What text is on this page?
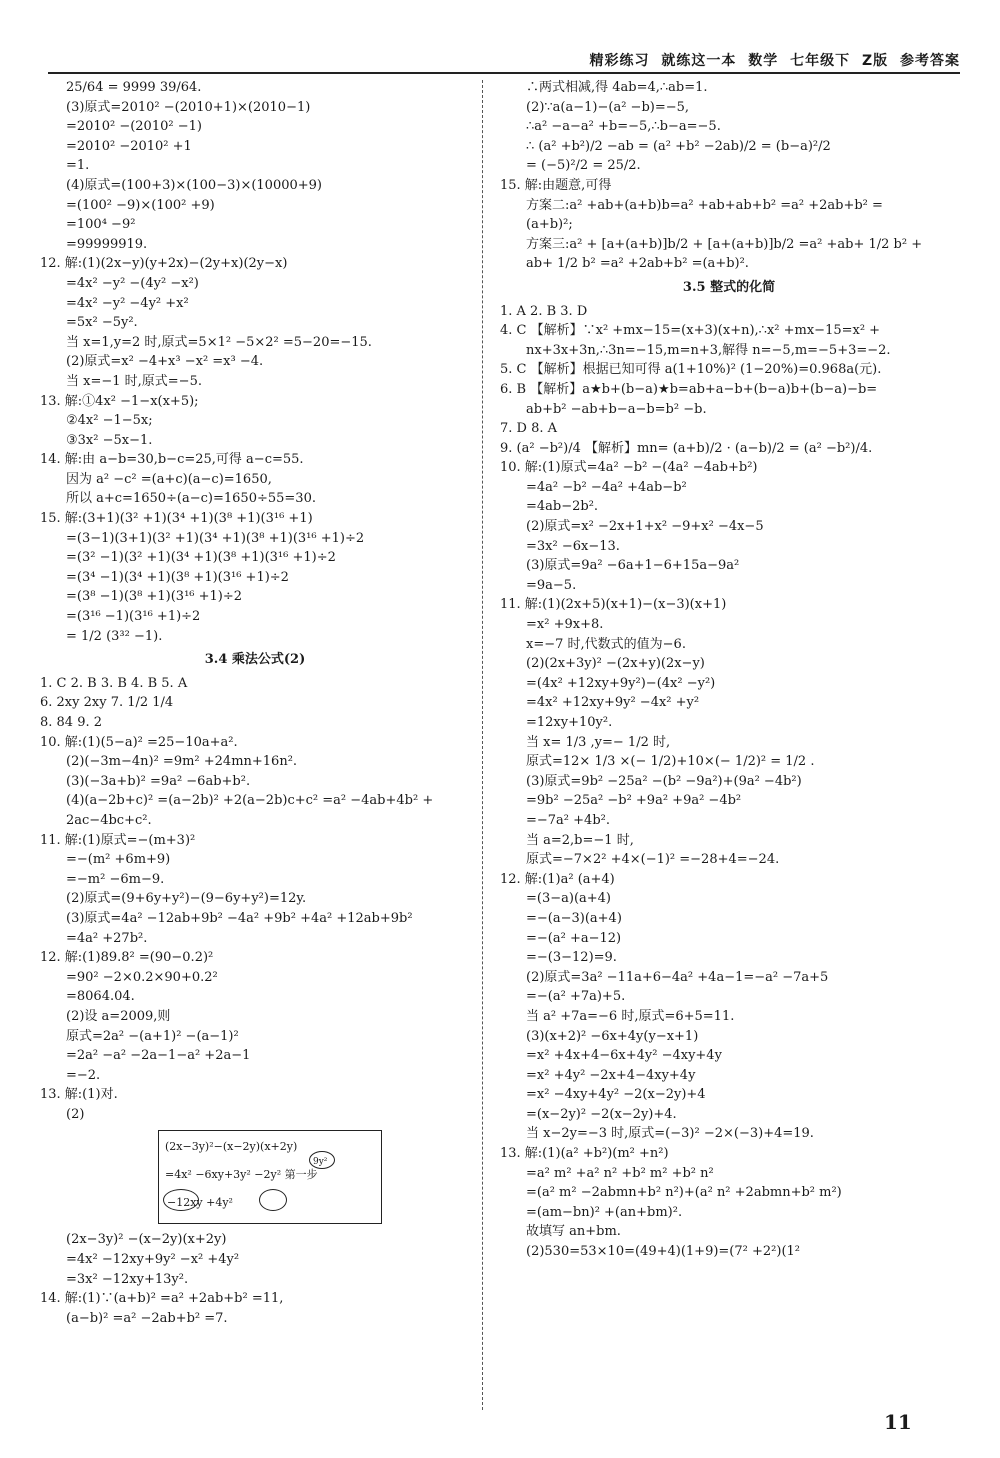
精彩练习 就练这一本 数学 七年级下 Z版 参考答案
25/64 = 9999 39/64.
(3)原式=2010² −(2010+1)×(2010−1)
=2010² −(2010² −1)
=2010² −2010² +1
=1.
(4)原式=(100+3)×(100−3)×(10000+9)
=(100² −9)×(100² +9)
=100⁴ −9²
=99999919.
12. 解:(1)(2x−y)(y+2x)−(2y+x)(2y−x)
=4x² −y² −(4y² −x²)
=4x² −y² −4y² +x²
=5x² −5y².
当 x=1,y=2 时,原式=5×1² −5×2² =5−20=−15.
(2)原式=x² −4+x³ −x² =x³ −4.
当 x=−1 时,原式=−5.
13. 解:①4x² −1−x(x+5);
②4x² −1−5x;
③3x² −5x−1.
14. 解:由 a−b=30,b−c=25,可得 a−c=55.
因为 a² −c² =(a+c)(a−c)=1650,
所以 a+c=1650÷(a−c)=1650÷55=30.
15. 解:(3+1)(3² +1)(3⁴ +1)(3⁸ +1)(3¹⁶ +1)
=(3−1)(3+1)(3² +1)(3⁴ +1)(3⁸ +1)(3¹⁶ +1)÷2
=(3² −1)(3² +1)(3⁴ +1)(3⁸ +1)(3¹⁶ +1)÷2
=(3⁴ −1)(3⁴ +1)(3⁸ +1)(3¹⁶ +1)÷2
=(3⁸ −1)(3⁸ +1)(3¹⁶ +1)÷2
=(3¹⁶ −1)(3¹⁶ +1)÷2
= 1/2 (3³² −1).
3.4 乘法公式(2)
1. C 2. B 3. B 4. B 5. A
6. 2xy 2xy 7. 1/2 1/4
8. 84 9. 2
10. 解:(1)(5−a)² =25−10a+a².
(2)(−3m−4n)² =9m² +24mn+16n².
(3)(−3a+b)² =9a² −6ab+b².
(4)(a−2b+c)² =(a−2b)² +2(a−2b)c+c² =a² −4ab+4b² +
2ac−4bc+c².
11. 解:(1)原式=−(m+3)²
=−(m² +6m+9)
=−m² −6m−9.
(2)原式=(9+6y+y²)−(9−6y+y²)=12y.
(3)原式=4a² −12ab+9b² −4a² +9b² +4a² +12ab+9b²
=4a² +27b².
12. 解:(1)89.8² =(90−0.2)²
=90² −2×0.2×90+0.2²
=8064.04.
(2)设 a=2009,则
原式=2a² −(a+1)² −(a−1)²
=2a² −a² −2a−1−a² +2a−1
=−2.
13. 解:(1)对.
(2)
(2x−3y)²−(x−2y)(x+2y)
=4x² −6xy+3y² −2y² 第一步
−12xy +4y²
9y²
(2x−3y)² −(x−2y)(x+2y)
=4x² −12xy+9y² −x² +4y²
=3x² −12xy+13y².
14. 解:(1)∵(a+b)² =a² +2ab+b² =11,
(a−b)² =a² −2ab+b² =7.
∴两式相减,得 4ab=4,∴ab=1.
(2)∵a(a−1)−(a² −b)=−5,
∴a² −a−a² +b=−5,∴b−a=−5.
∴ (a² +b²)/2 −ab = (a² +b² −2ab)/2 = (b−a)²/2
= (−5)²/2 = 25/2.
15. 解:由题意,可得
方案二:a² +ab+(a+b)b=a² +ab+ab+b² =a² +2ab+b² =
(a+b)²;
方案三:a² + [a+(a+b)]b/2 + [a+(a+b)]b/2 =a² +ab+ 1/2 b² +
ab+ 1/2 b² =a² +2ab+b² =(a+b)².
3.5 整式的化简
1. A 2. B 3. D
4. C 【解析】∵x² +mx−15=(x+3)(x+n),∴x² +mx−15=x² +
nx+3x+3n,∴3n=−15,m=n+3,解得 n=−5,m=−5+3=−2.
5. C 【解析】根据已知可得 a(1+10%)² (1−20%)=0.968a(元).
6. B 【解析】a★b+(b−a)★b=ab+a−b+(b−a)b+(b−a)−b=
ab+b² −ab+b−a−b=b² −b.
7. D 8. A
9. (a² −b²)/4 【解析】mn= (a+b)/2 · (a−b)/2 = (a² −b²)/4.
10. 解:(1)原式=4a² −b² −(4a² −4ab+b²)
=4a² −b² −4a² +4ab−b²
=4ab−2b².
(2)原式=x² −2x+1+x² −9+x² −4x−5
=3x² −6x−13.
(3)原式=9a² −6a+1−6+15a−9a²
=9a−5.
11. 解:(1)(2x+5)(x+1)−(x−3)(x+1)
=x² +9x+8.
x=−7 时,代数式的值为−6.
(2)(2x+3y)² −(2x+y)(2x−y)
=(4x² +12xy+9y²)−(4x² −y²)
=4x² +12xy+9y² −4x² +y²
=12xy+10y².
当 x= 1/3 ,y=− 1/2 时,
原式=12× 1/3 ×(− 1/2)+10×(− 1/2)² = 1/2 .
(3)原式=9b² −25a² −(b² −9a²)+(9a² −4b²)
=9b² −25a² −b² +9a² +9a² −4b²
=−7a² +4b².
当 a=2,b=−1 时,
原式=−7×2² +4×(−1)² =−28+4=−24.
12. 解:(1)a² (a+4)
=(3−a)(a+4)
=−(a−3)(a+4)
=−(a² +a−12)
=−(3−12)=9.
(2)原式=3a² −11a+6−4a² +4a−1=−a² −7a+5
=−(a² +7a)+5.
当 a² +7a=−6 时,原式=6+5=11.
(3)(x+2)² −6x+4y(y−x+1)
=x² +4x+4−6x+4y² −4xy+4y
=x² +4y² −2x+4−4xy+4y
=x² −4xy+4y² −2(x−2y)+4
=(x−2y)² −2(x−2y)+4.
当 x−2y=−3 时,原式=(−3)² −2×(−3)+4=19.
13. 解:(1)(a² +b²)(m² +n²)
=a² m² +a² n² +b² m² +b² n²
=(a² m² −2abmn+b² n²)+(a² n² +2abmn+b² m²)
=(am−bn)² +(an+bm)².
故填写 an+bm.
(2)530=53×10=(49+4)(1+9)=(7² +2²)(1²
11
